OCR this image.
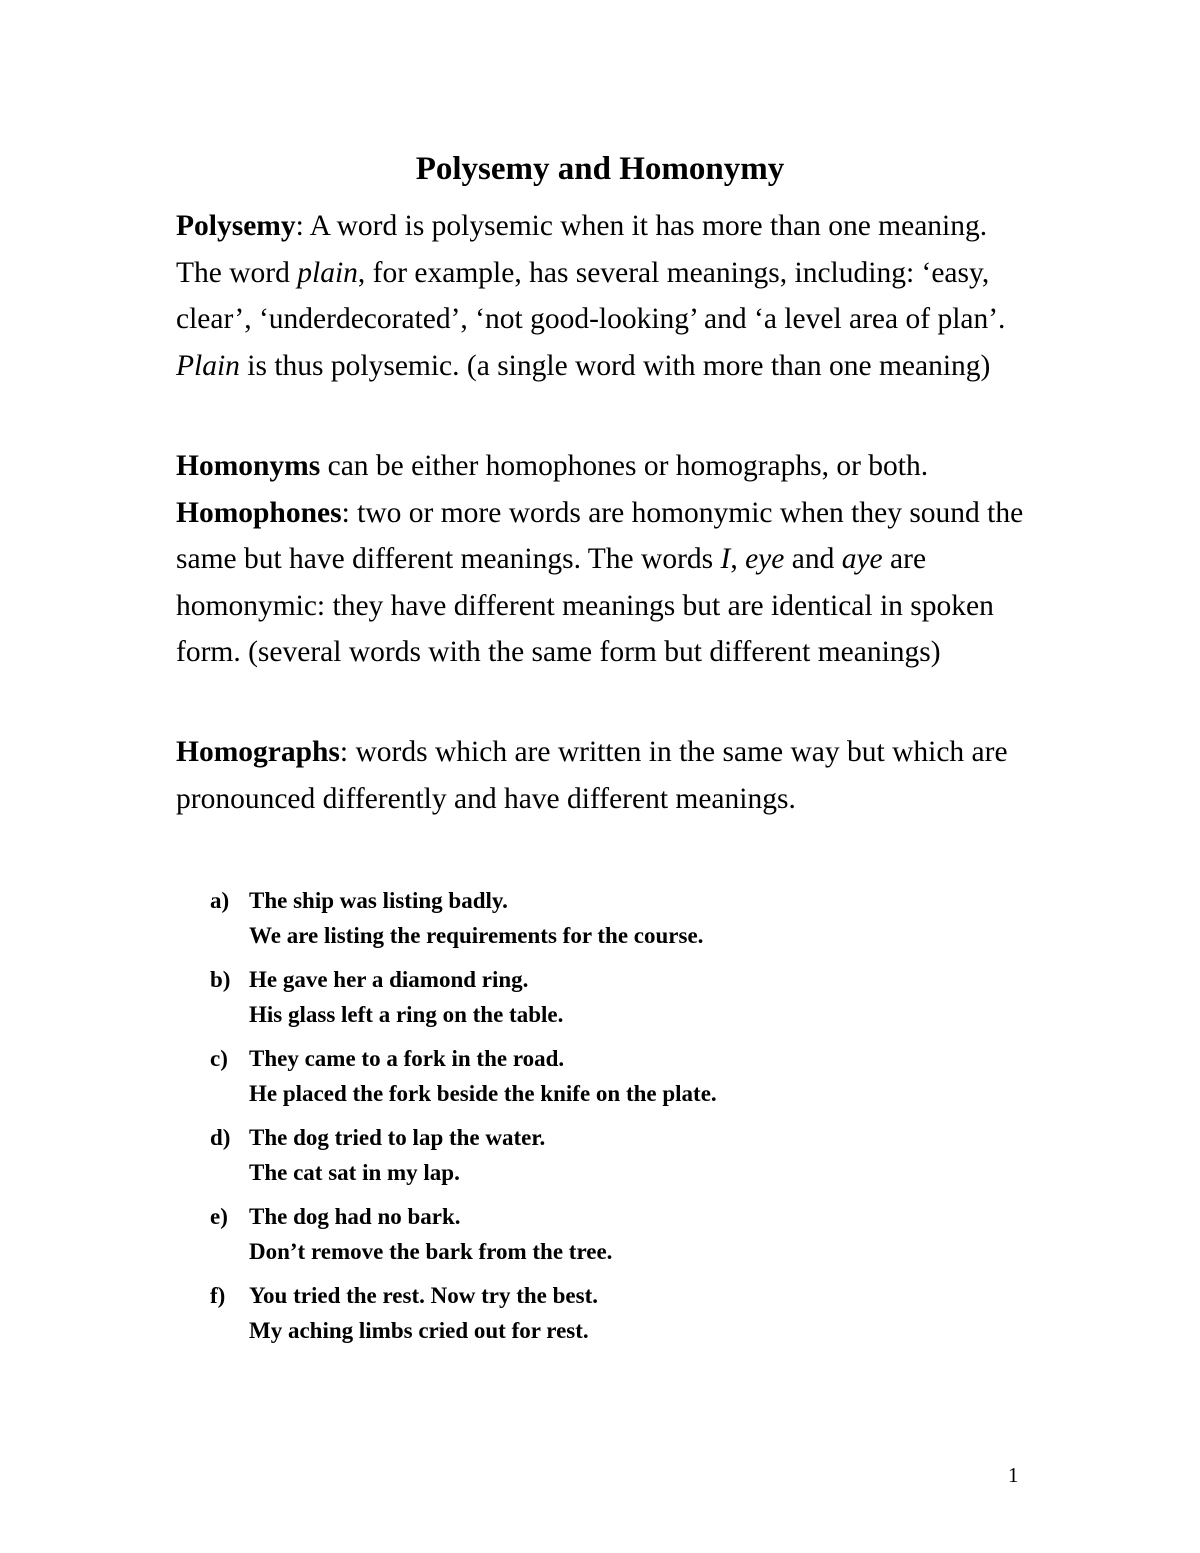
Polysemy and Homonymy

Polysemy: A word is polysemic when it has more than one meaning. The word plain, for example, has several meanings, including: ‘easy, clear’, ‘underdecorated’, ‘not good-looking’ and ‘a level area of plan’. Plain is thus polysemic. (a single word with more than one meaning)

Homonyms can be either homophones or homographs, or both.

Homophones: two or more words are homonymic when they sound the same but have different meanings. The words I, eye and aye are homonymic: they have different meanings but are identical in spoken form. (several words with the same form but different meanings)

Homographs: words which are written in the same way but which are pronounced differently and have different meanings.

a) The ship was listing badly.
We are listing the requirements for the course.
b) He gave her a diamond ring.
His glass left a ring on the table.
c) They came to a fork in the road.
He placed the fork beside the knife on the plate.
d) The dog tried to lap the water.
The cat sat in my lap.
e) The dog had no bark.
Don’t remove the bark from the tree.
f) You tried the rest. Now try the best.
My aching limbs cried out for rest.
1
